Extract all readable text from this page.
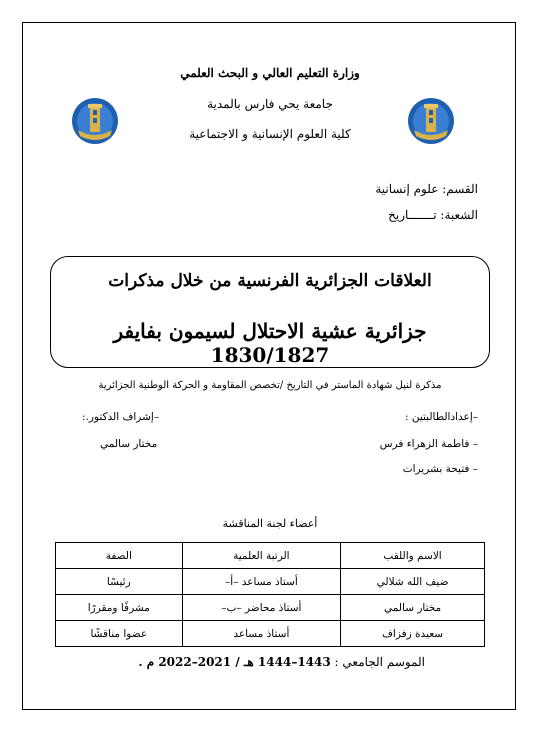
وزارة التعليم العالي و البحث العلمي
جامعة يحي فارس بالمدية
كلية العلوم الإنسانية و الاجتماعية
القسم: علوم إنسانية
الشعبة: تـــــــاريخ
العلاقات الجزائرية الفرنسية من خلال مذكرات
جزائرية عشية الاحتلال لسيمون بفايفر 1830/1827
مذكرة لنيل شهادة الماستر في التاريخ /تخصص المقاومة و الحركة الوطنية الجزائرية
–إعدادالطالبتين :
– فاطمة الزهراء فرس
– فتيحة بشريرات
–إشراف الدكتور.:
مختار سالمي
أعضاء لجنة المناقشة
الاسم واللقب	الرتبة العلمية	الصفة
ضيف الله شلالي	أستاذ مساعد –أ–	رئيسًا
مختار سالمي	أستاذ محاضر –ب–	مشرفًا ومقررًا
سعيدة زفزاف	أستاذ مساعد	عضوا مناقشًا
الموسم الجامعي : 1443–1444 هـ / 2021–2022 م .
